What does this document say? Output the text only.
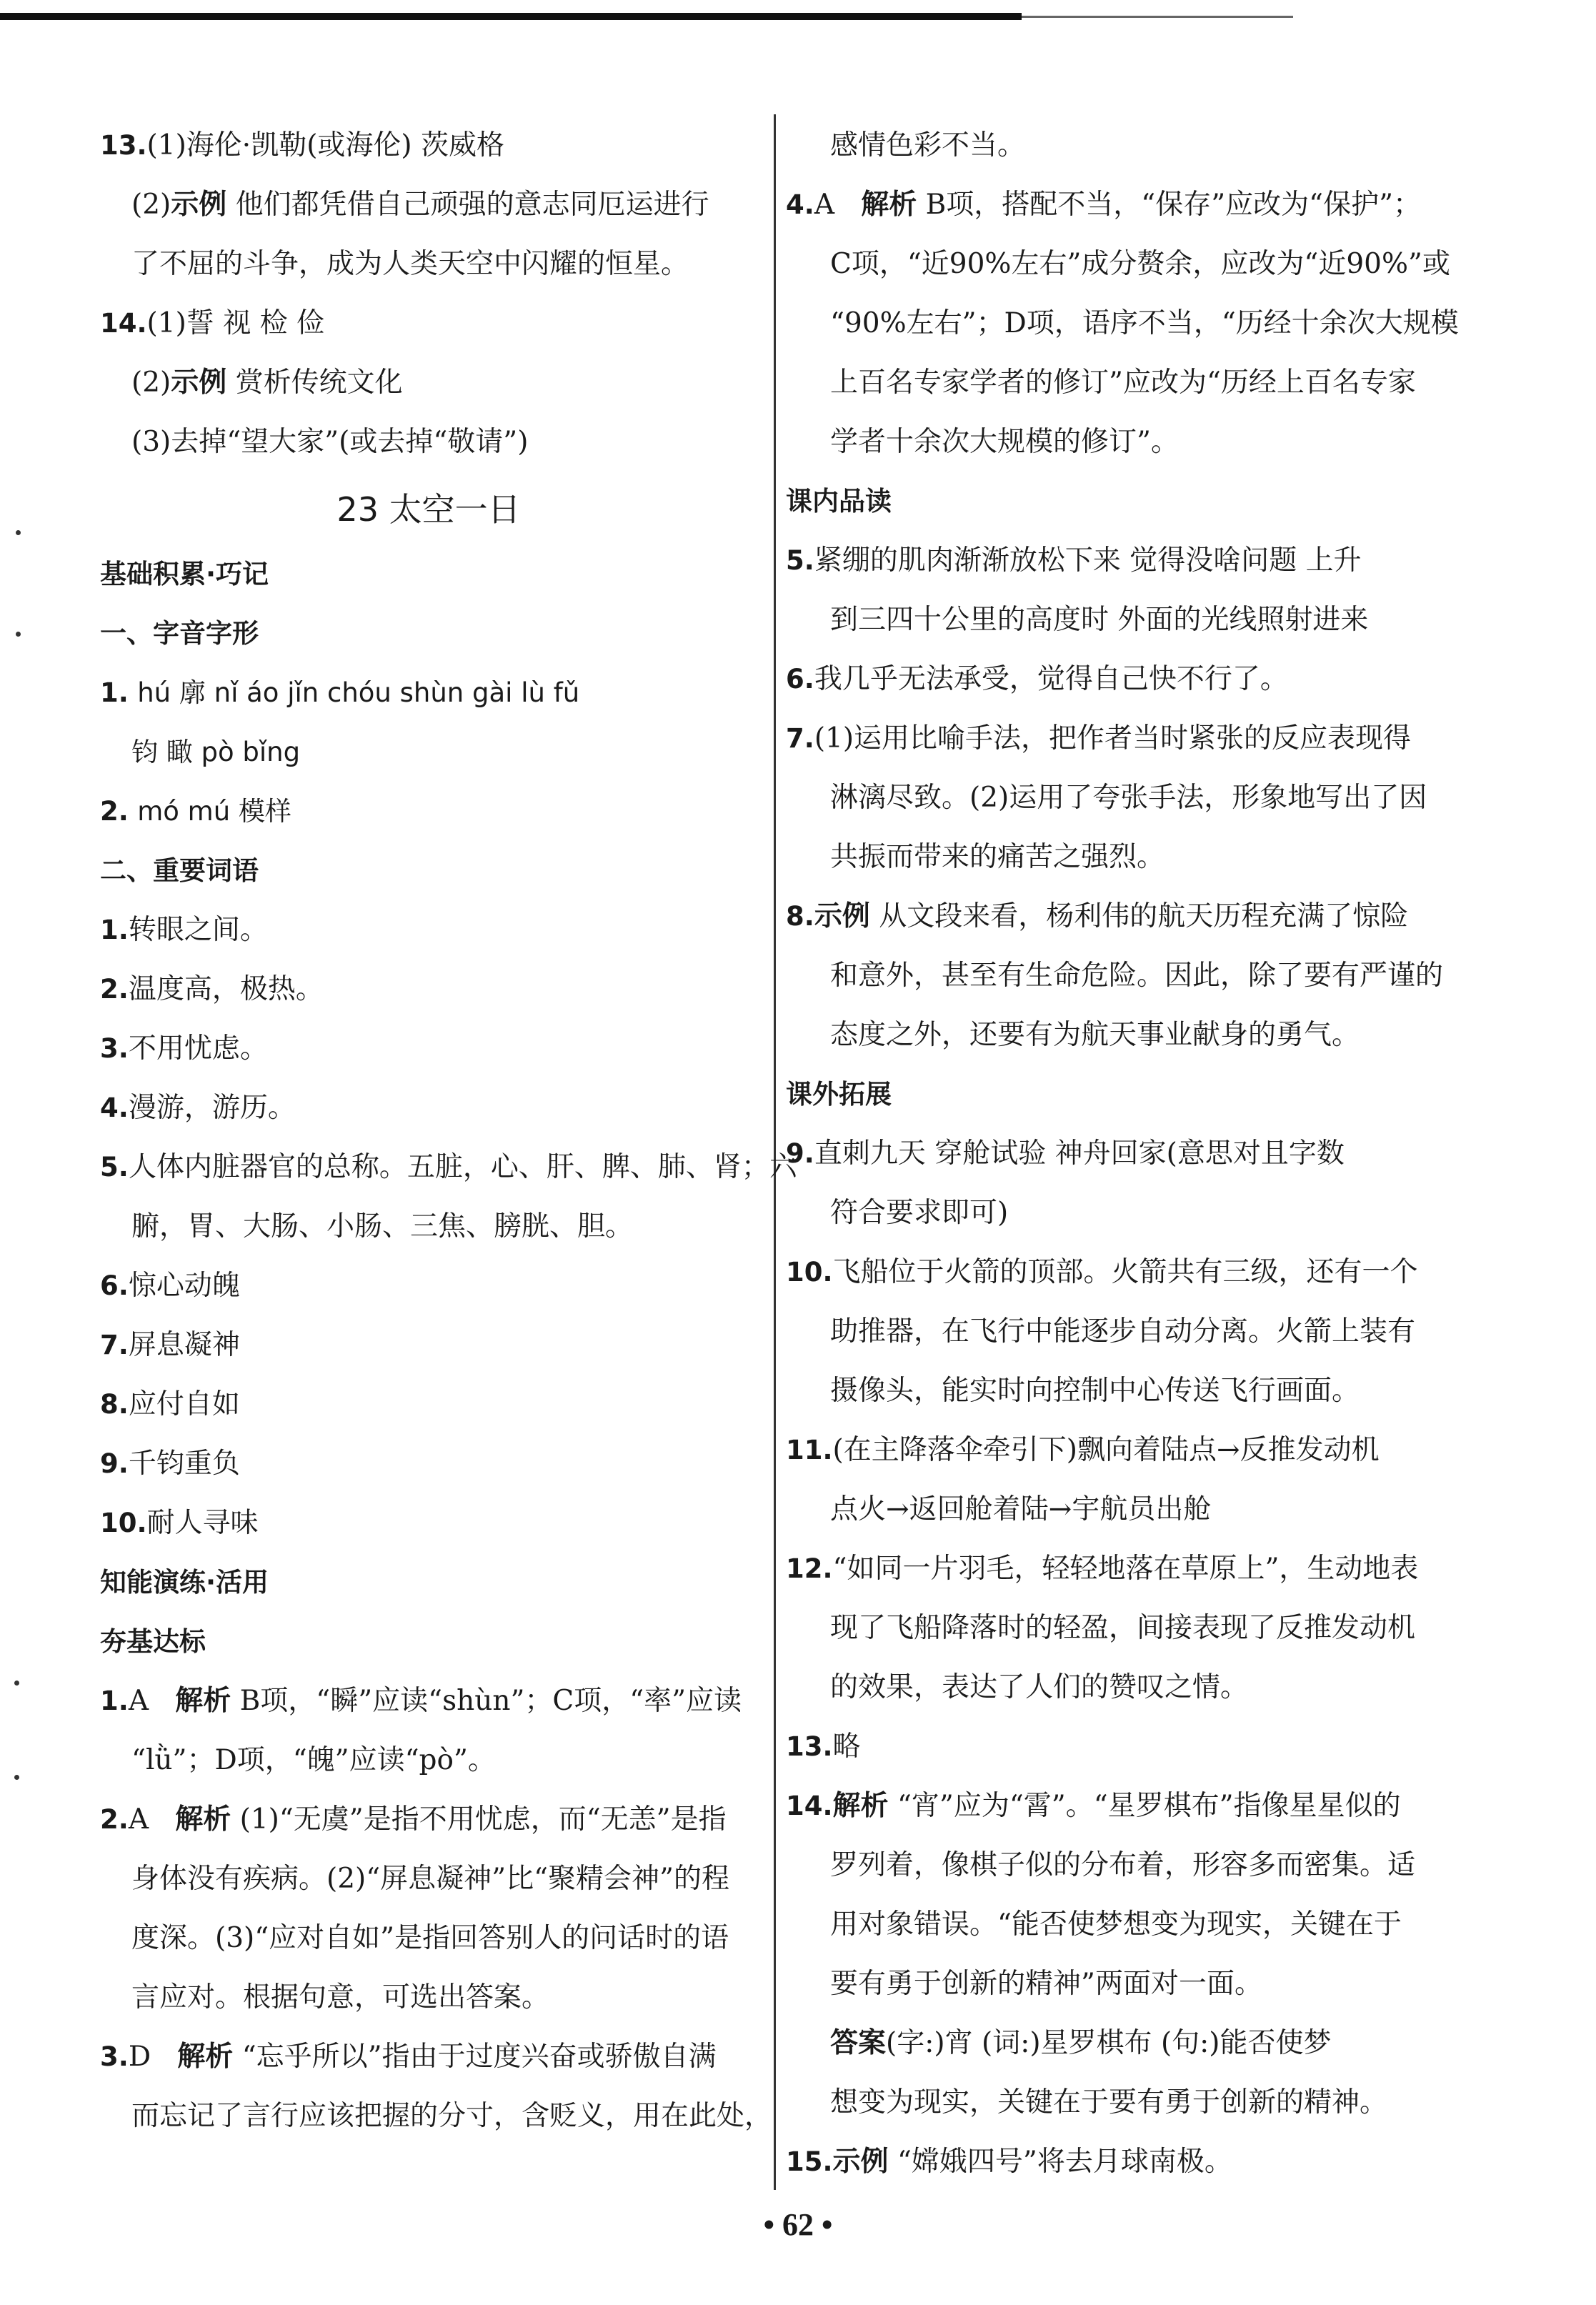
13.(1)海伦·凯勒(或海伦) 茨威格
(2)示例 他们都凭借自己顽强的意志同厄运进行
了不屈的斗争，成为人类天空中闪耀的恒星。
14.(1)誓 视 检 俭
(2)示例 赏析传统文化
(3)去掉“望大家”(或去掉“敬请”)
23 太空一日
基础积累·巧记
一、字音字形
1. hú 廓 nǐ áo jǐn chóu shùn gài lù fǔ
钧 瞰 pò bǐng
2. mó mú 模样
二、重要词语
1.转眼之间。
2.温度高，极热。
3.不用忧虑。
4.漫游，游历。
5.人体内脏器官的总称。五脏，心、肝、脾、肺、肾；六
腑，胃、大肠、小肠、三焦、膀胱、胆。
6.惊心动魄
7.屏息凝神
8.应付自如
9.千钧重负
10.耐人寻味
知能演练·活用
夯基达标
1.A 解析 B项，“瞬”应读“shùn”；C项，“率”应读
“lǜ”；D项，“魄”应读“pò”。
2.A 解析 (1)“无虞”是指不用忧虑，而“无恙”是指
身体没有疾病。(2)“屏息凝神”比“聚精会神”的程
度深。(3)“应对自如”是指回答别人的问话时的语
言应对。根据句意，可选出答案。
3.D 解析 “忘乎所以”指由于过度兴奋或骄傲自满
而忘记了言行应该把握的分寸，含贬义，用在此处，
感情色彩不当。
4.A 解析 B项，搭配不当，“保存”应改为“保护”；
C项，“近90%左右”成分赘余，应改为“近90%”或
“90%左右”；D项，语序不当，“历经十余次大规模
上百名专家学者的修订”应改为“历经上百名专家
学者十余次大规模的修订”。
课内品读
5.紧绷的肌肉渐渐放松下来 觉得没啥问题 上升
到三四十公里的高度时 外面的光线照射进来
6.我几乎无法承受，觉得自己快不行了。
7.(1)运用比喻手法，把作者当时紧张的反应表现得
淋漓尽致。(2)运用了夸张手法，形象地写出了因
共振而带来的痛苦之强烈。
8.示例 从文段来看，杨利伟的航天历程充满了惊险
和意外，甚至有生命危险。因此，除了要有严谨的
态度之外，还要有为航天事业献身的勇气。
课外拓展
9.直刺九天 穿舱试验 神舟回家(意思对且字数
符合要求即可)
10.飞船位于火箭的顶部。火箭共有三级，还有一个
助推器，在飞行中能逐步自动分离。火箭上装有
摄像头，能实时向控制中心传送飞行画面。
11.(在主降落伞牵引下)飘向着陆点→反推发动机
点火→返回舱着陆→宇航员出舱
12.“如同一片羽毛，轻轻地落在草原上”，生动地表
现了飞船降落时的轻盈，间接表现了反推发动机
的效果，表达了人们的赞叹之情。
13.略
14.解析 “宵”应为“霄”。“星罗棋布”指像星星似的
罗列着，像棋子似的分布着，形容多而密集。适
用对象错误。“能否使梦想变为现实，关键在于
要有勇于创新的精神”两面对一面。
答案(字:)宵 (词:)星罗棋布 (句:)能否使梦
想变为现实，关键在于要有勇于创新的精神。
15.示例 “嫦娥四号”将去月球南极。
• 62 •
